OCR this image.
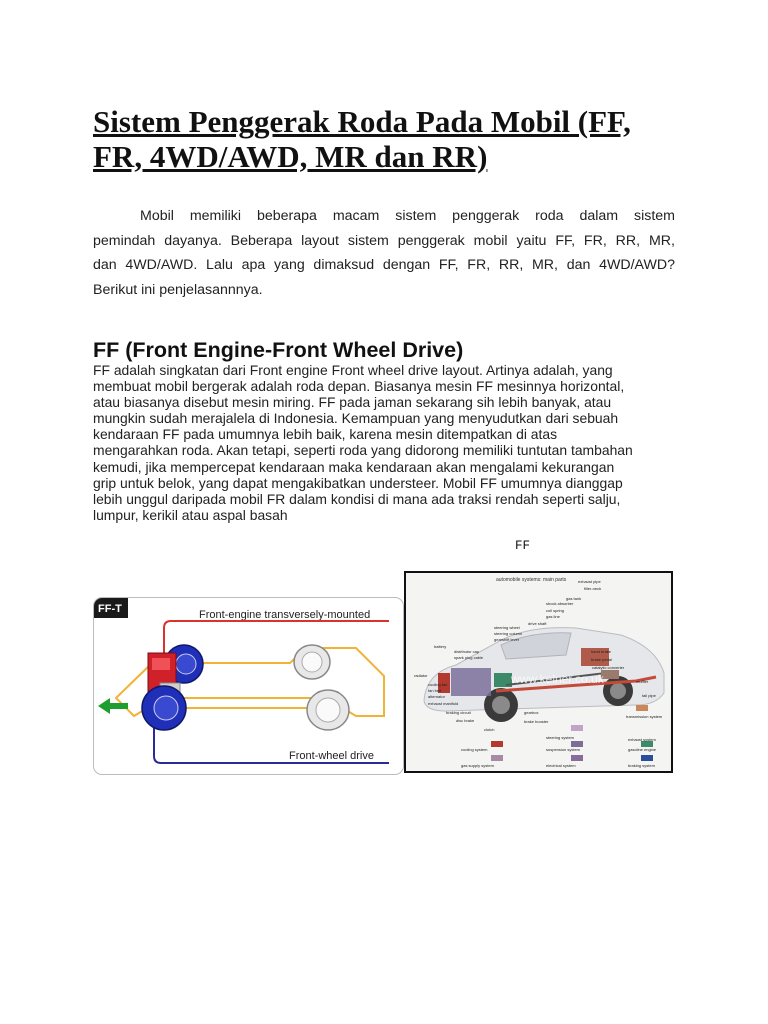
Sistem Penggerak Roda Pada Mobil (FF,
FR, 4WD/AWD, MR dan RR)

Mobil memiliki beberapa macam sistem penggerak roda dalam sistem
pemindah dayanya. Beberapa layout sistem penggerak mobil yaitu FF, FR, RR, MR,
dan 4WD/AWD. Lalu apa yang dimaksud dengan FF, FR, RR, MR, dan 4WD/AWD?
Berikut ini penjelasannnya.

FF (Front Engine-Front Wheel Drive)

FF adalah singkatan dari Front engine Front wheel drive layout. Artinya adalah, yang
membuat mobil bergerak adalah roda depan. Biasanya mesin FF mesinnya horizontal,
atau biasanya disebut mesin miring. FF pada jaman sekarang sih lebih banyak, atau
mungkin sudah merajalela di Indonesia. Kemampuan yang menyudutkan dari sebuah
kendaraan FF pada umumnya lebih baik, karena mesin ditempatkan di atas
mengarahkan roda. Akan tetapi, seperti roda yang didorong memiliki tuntutan tambahan
kemudi, jika mempercepat kendaraan maka kendaraan akan mengalami kekurangan
grip untuk belok, yang dapat mengakibatkan understeer. Mobil FF umumnya dianggap
lebih unggul daripada mobil FR dalam kondisi di mana ada traksi rendah seperti salju,
lumpur, kerikil atau aspal basah

FF

FF-T	Front-engine transversely-mounted
Front-wheel drive
automobile systems: main parts
www.kelner.co.uk
exhaust pipe
filler-neck
gas tank
shock absorber
coil spring
gas line
drive shaft
hand brake
brake pedal
catalytic converter
muffler
tail pipe
steering wheel
steering column
gearshift lever
battery
distributor cap
spark plug cable
radiator
cooling fan
fan belt
alternator
exhaust manifold
braking circuit
disc brake
clutch
gearbox
brake booster
transmission system
cooling system	suspension system	gasoline engine
exhaust system
steering system
gas supply system	electrical system	braking system
